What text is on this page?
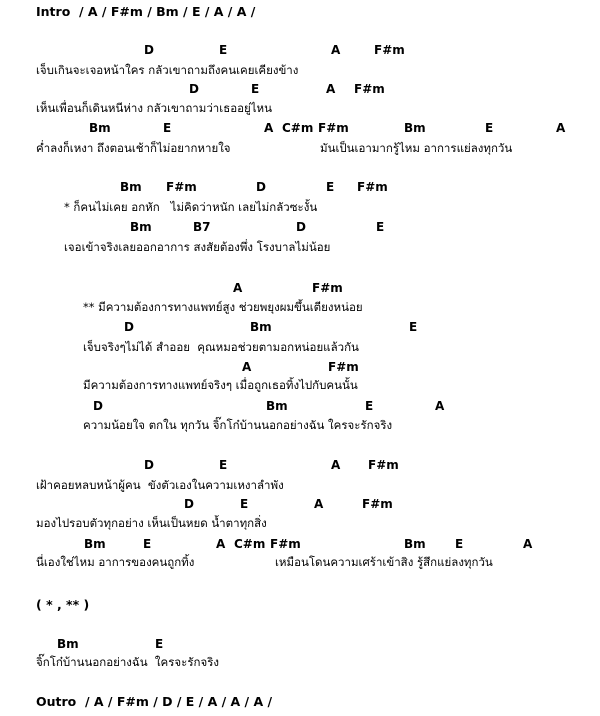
Intro  / A / F#m / Bm / E / A / A /
D	E	A	F#m
เจ็บเกินจะเจอหน้าใคร กลัวเขาถามถึงคนเคยเคียงข้าง
D	E	A F#m
เห็นเพื่อนก็เดินหนีห่าง กลัวเขาถามว่าเธออยู่ไหน
Bm	E	A C#m F#m	Bm	E	A
ค่ำลงก็เหงา ถึงตอนเช้าก็ไม่อยากหายใจ	มันเป็นเอามากรู้ไหม อาการแย่ลงทุกวัน
Bm F#m	D	E F#m
* ก็คนไม่เคย อกหัก   ไม่คิดว่าหนัก เลยไม่กลัวซะงั้น
Bm	B7	D	E
เจอเข้าจริงเลยออกอาการ สงสัยต้องพึ่ง โรงบาลไม่น้อย
A	F#m
** มีความต้องการทางแพทย์สูง ช่วยพยุงผมขึ้นเตียงหน่อย
D	Bm	E
เจ็บจริงๆไม่ได้ สำออย  คุณหมอช่วยตามอกหน่อยแล้วกัน
A	F#m
มีความต้องการทางแพทย์จริงๆ เมื่อถูกเธอทิ้งไปกับคนนั้น
D	Bm	E	A
ความน้อยใจ ตกใน ทุกวัน จิ๊กโก๋บ้านนอกอย่างฉัน ใครจะรักจริง
D	E	A F#m
เฝ้าคอยหลบหน้าผู้คน  ขังตัวเองในความเหงาลำพัง
D	E	A	F#m
มองไปรอบตัวทุกอย่าง เห็นเป็นหยด น้ำตาทุกสิ่ง
Bm	E	A C#m F#m	Bm E	A
นี่เองใช่ไหม อาการของคนถูกทิ้ง	เหมือนโดนความเศร้าเข้าสิง รู้สึกแย่ลงทุกวัน
( * , ** )
Bm	E
จิ๊กโก๋บ้านนอกอย่างฉัน  ใครจะรักจริง
Outro  / A / F#m / D / E / A / A / A /
